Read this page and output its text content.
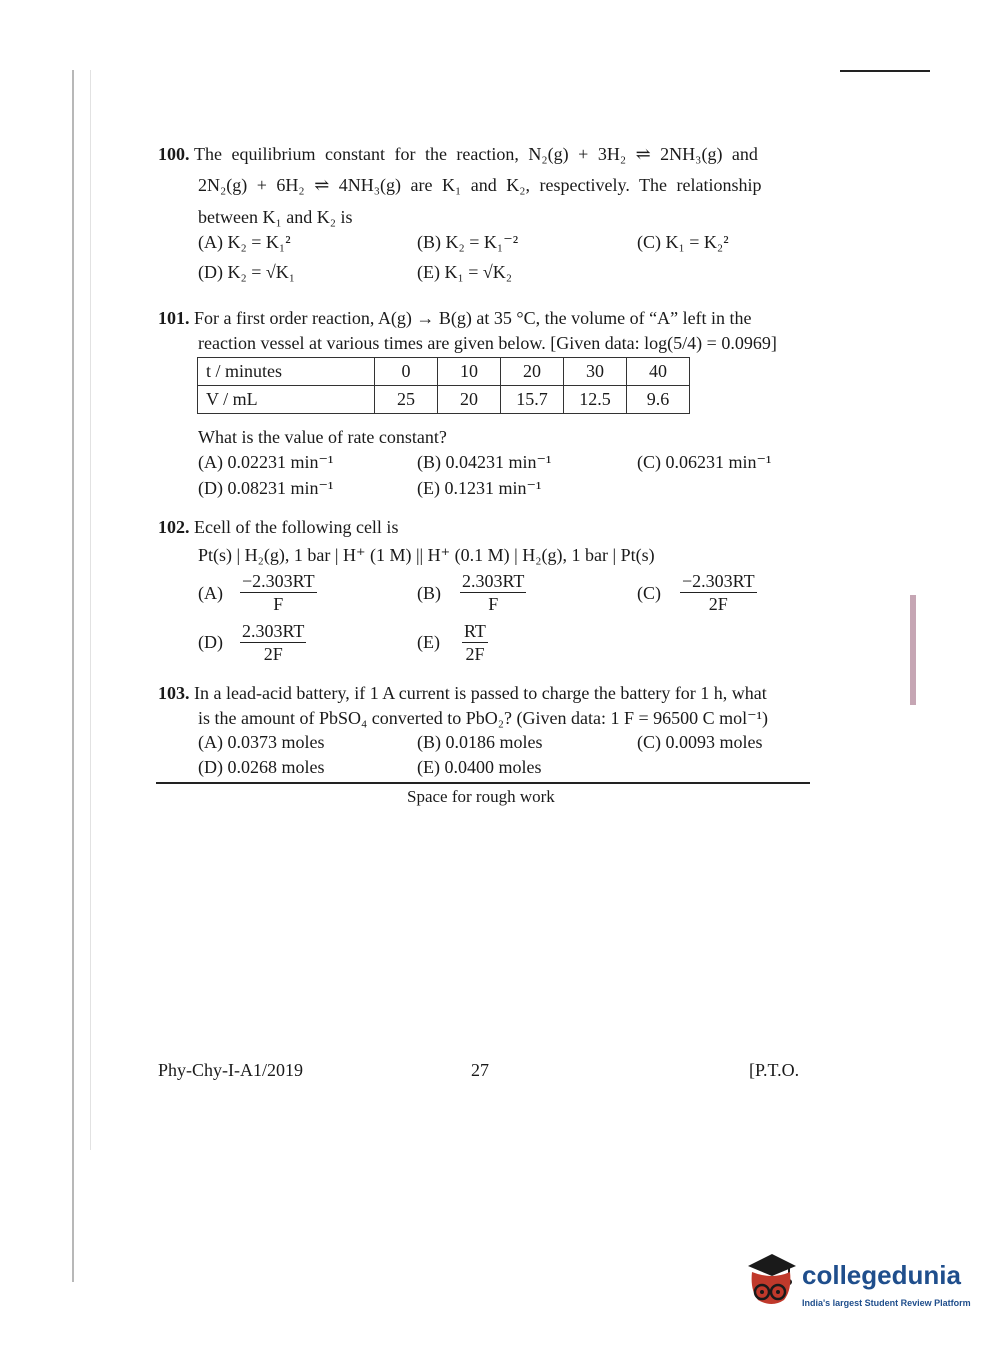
100. The equilibrium constant for the reaction, N₂(g) + 3H₂ ⇌ 2NH₃(g) and
2N₂(g) + 6H₂ ⇌ 4NH₃(g) are K₁ and K₂, respectively. The relationship
between K₁ and K₂ is
(A) K₂ = K₁²	(B) K₂ = K₁⁻²	(C) K₁ = K₂²
(D) K₂ = √K₁	(E) K₁ = √K₂
101. For a first order reaction, A(g) → B(g) at 35 °C, the volume of “A” left in the
reaction vessel at various times are given below. [Given data: log(5/4) = 0.0969]
t / minutes	0	10	20	30	40
V / mL	25	20	15.7	12.5	9.6
What is the value of rate constant?
(A) 0.02231 min⁻¹	(B) 0.04231 min⁻¹	(C) 0.06231 min⁻¹
(D) 0.08231 min⁻¹	(E) 0.1231 min⁻¹
102. Ecell of the following cell is
Pt(s) | H₂(g), 1 bar | H⁺ (1 M) || H⁺ (0.1 M) | H₂(g), 1 bar | Pt(s)
$(A) \frac{-2.303RT}{F}$	$(B) \frac{2.303RT}{F}$	$(C) \frac{-2.303RT}{2F}$
$(D) \frac{2.303RT}{2F}$	$(E) \frac{RT}{2F}$
103. In a lead-acid battery, if 1 A current is passed to charge the battery for 1 h, what
is the amount of PbSO₄ converted to PbO₂? (Given data: 1 F = 96500 C mol⁻¹)
(A) 0.0373 moles	(B) 0.0186 moles	(C) 0.0093 moles
(D) 0.0268 moles	(E) 0.0400 moles
Space for rough work
Phy-Chy-I-A1/2019	27	[P.T.O.
collegedunia
India's largest Student Review Platform
